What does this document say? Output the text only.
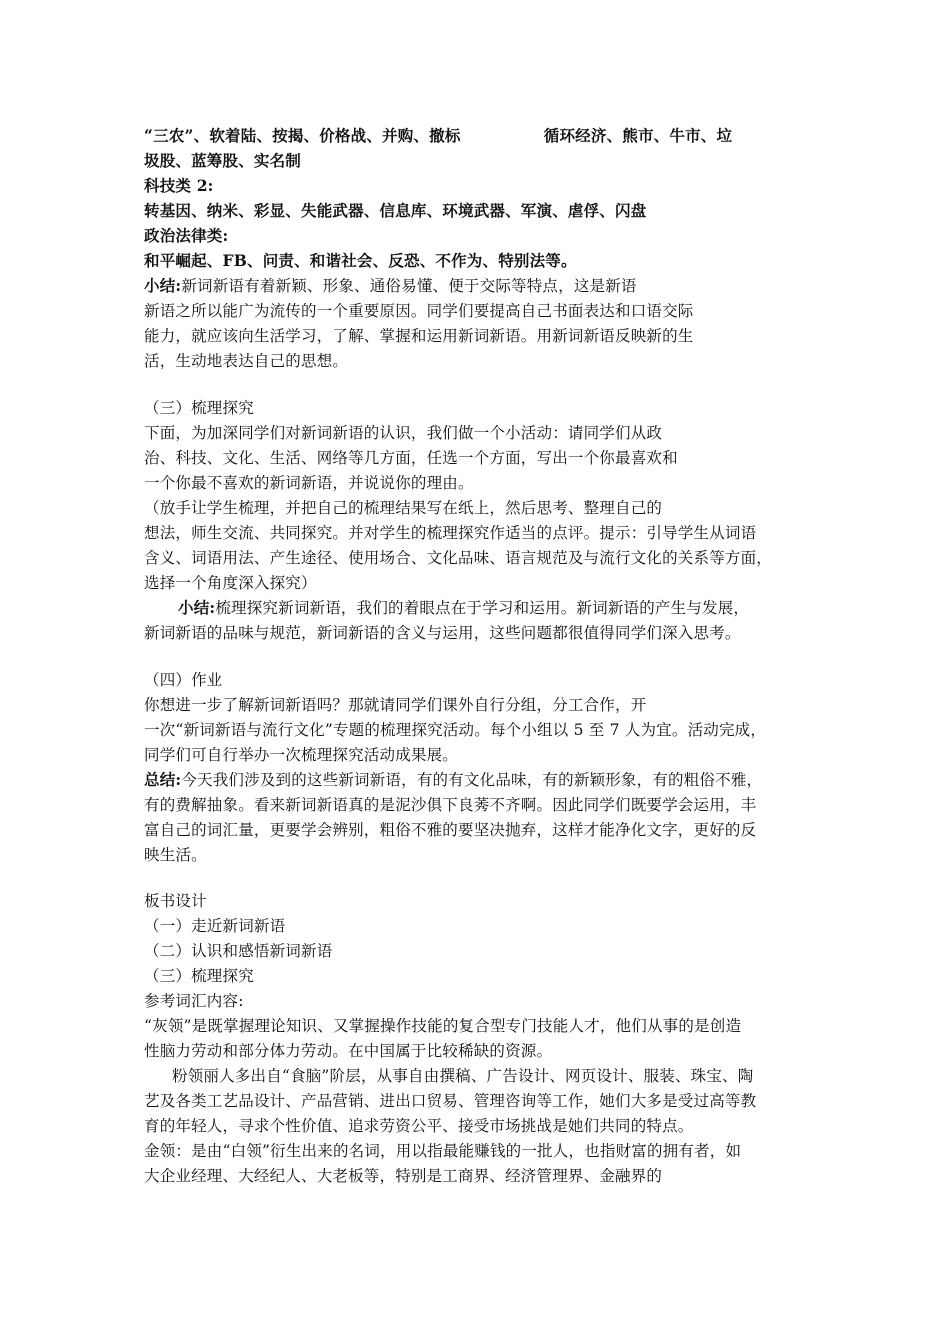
“三农”、软着陆、按揭、价格战、并购、撤标	循环经济、熊市、牛市、垃
圾股、蓝筹股、实名制
科技类 2:
转基因、纳米、彩显、失能武器、信息库、环境武器、军演、虐俘、闪盘
政治法律类:
和平崛起、FB、问责、和谐社会、反恐、不作为、特别法等。
小结:新词新语有着新颖、形象、通俗易懂、便于交际等特点，这是新语
新语之所以能广为流传的一个重要原因。同学们要提高自己书面表达和口语交际
能力，就应该向生活学习，了解、掌握和运用新词新语。用新词新语反映新的生
活，生动地表达自己的思想。
（三）梳理探究
下面，为加深同学们对新词新语的认识，我们做一个小活动：请同学们从政
治、科技、文化、生活、网络等几方面，任选一个方面，写出一个你最喜欢和
一个你最不喜欢的新词新语，并说说你的理由。
（放手让学生梳理，并把自己的梳理结果写在纸上，然后思考、整理自己的
想法，师生交流、共同探究。并对学生的梳理探究作适当的点评。提示：引导学生从词语
含义、词语用法、产生途径、使用场合、文化品味、语言规范及与流行文化的关系等方面，
选择一个角度深入探究）
小结:梳理探究新词新语，我们的着眼点在于学习和运用。新词新语的产生与发展，
新词新语的品味与规范，新词新语的含义与运用，这些问题都很值得同学们深入思考。
（四）作业
你想进一步了解新词新语吗？那就请同学们课外自行分组，分工合作，开
一次“新词新语与流行文化”专题的梳理探究活动。每个小组以 5 至 7 人为宜。活动完成，
同学们可自行举办一次梳理探究活动成果展。
总结:今天我们涉及到的这些新词新语，有的有文化品味，有的新颖形象，有的粗俗不雅，
有的费解抽象。看来新词新语真的是泥沙俱下良莠不齐啊。因此同学们既要学会运用，丰
富自己的词汇量，更要学会辨别，粗俗不雅的要坚决抛弃，这样才能净化文字，更好的反
映生活。
板书设计
（一）走近新词新语
（二）认识和感悟新词新语
（三）梳理探究
参考词汇内容:
“灰领”是既掌握理论知识、又掌握操作技能的复合型专门技能人才，他们从事的是创造
性脑力劳动和部分体力劳动。在中国属于比较稀缺的资源。
粉领丽人多出自“食脑”阶层，从事自由撰稿、广告设计、网页设计、服装、珠宝、陶
艺及各类工艺品设计、产品营销、进出口贸易、管理咨询等工作，她们大多是受过高等教
育的年轻人，寻求个性价值、追求劳资公平、接受市场挑战是她们共同的特点。
金领：是由“白领”衍生出来的名词，用以指最能赚钱的一批人，也指财富的拥有者，如
大企业经理、大经纪人、大老板等，特别是工商界、经济管理界、金融界的
